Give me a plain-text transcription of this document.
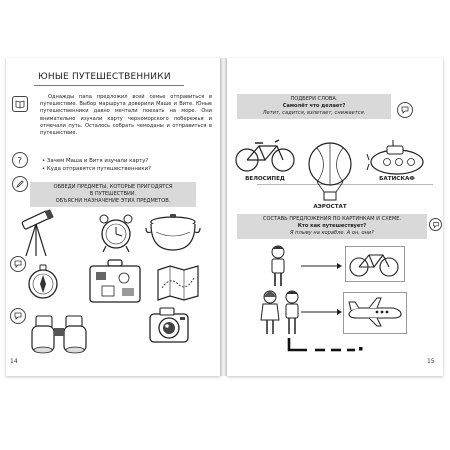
ЮНЫЕ ПУТЕШЕСТВЕННИКИ
Однажды папа предложил всей семье отправиться в путешествие. Выбор маршрута доверили Маше и Вите. Юные путешественники давно мечтали поехать на море. Они внимательно изучали карту черноморского побережья и отмечали путь. Осталось собрать чемоданы и отправиться в путешествие.
?
•	Зачем Маша и Витя изучали карту?
• Куда отправятся путешественники?
ОБВЕДИ ПРЕДМЕТЫ, КОТОРЫЕ ПРИГОДЯТСЯ
В ПУТЕШЕСТВИИ.
ОБЪЯСНИ НАЗНАЧЕНИЕ ЭТИХ ПРЕДМЕТОВ.
14
ПОДБЕРИ СЛОВА.
Самолёт что делает?
Летит, садится, взлетает, снижается.
ВЕЛОСИПЕД
АЭРОСТАТ
БАТИСКАФ
СОСТАВЬ ПРЕДЛОЖЕНИЯ ПО КАРТИНКАМ И СХЕМЕ.
Кто как путешествует?
Я плыву на корабле. А он, они?
15
